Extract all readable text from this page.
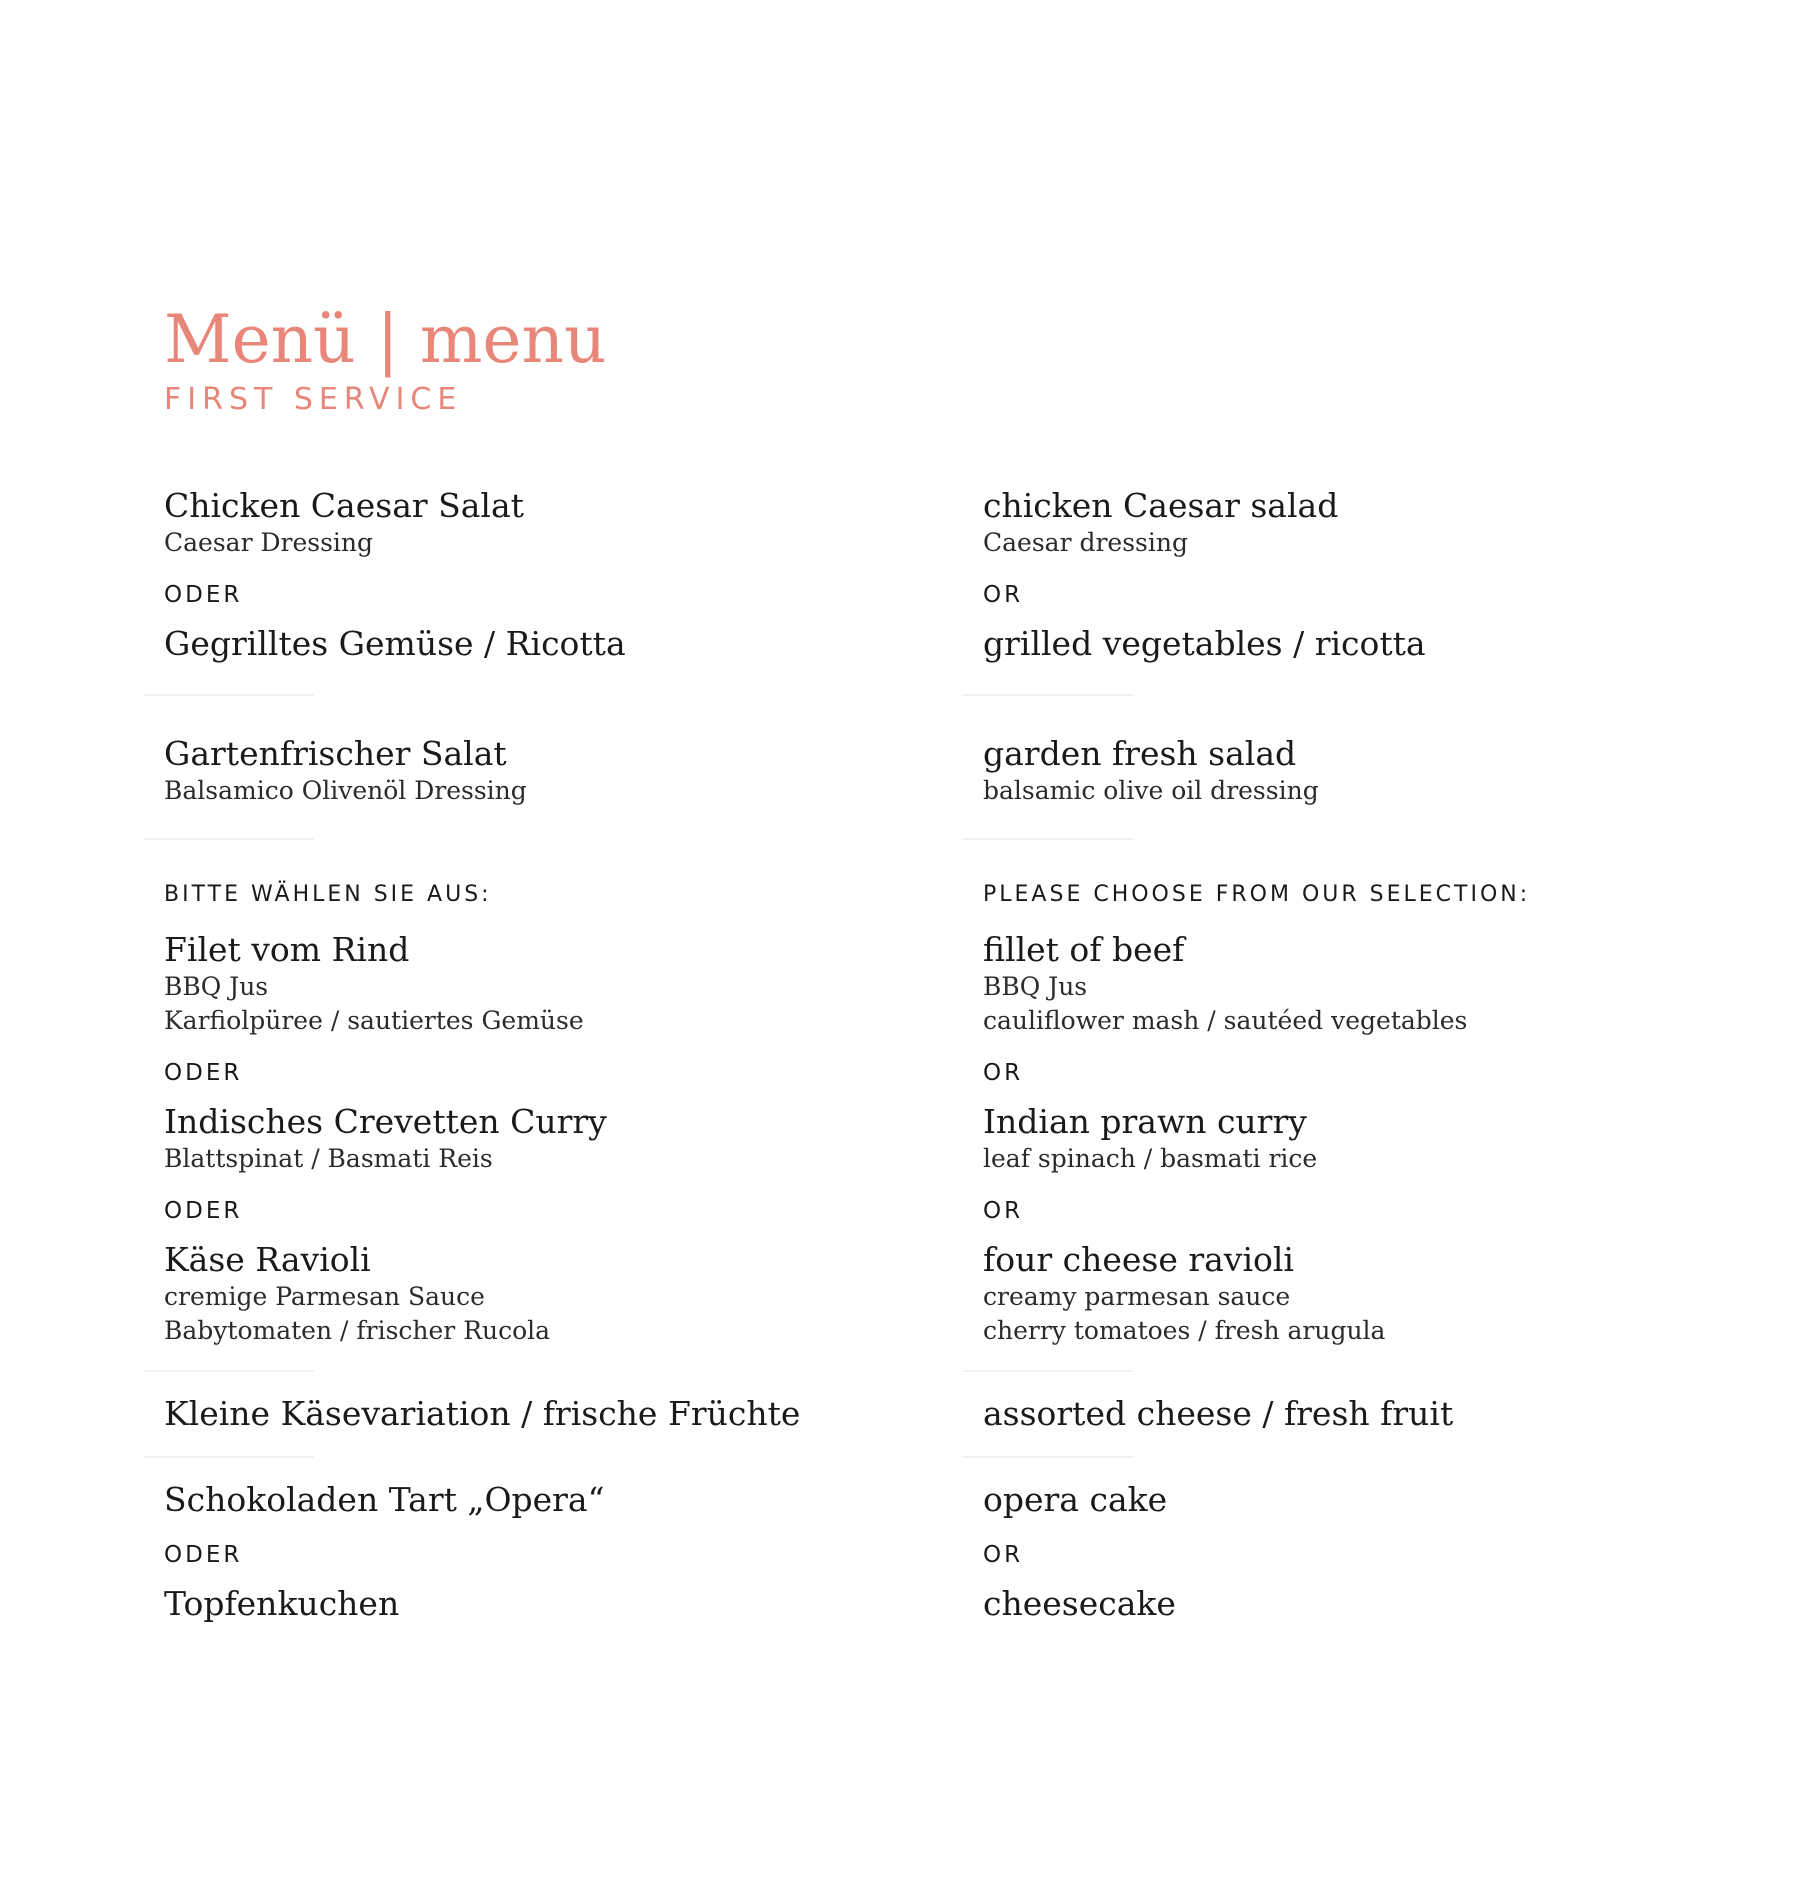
Menü | menu
FIRST SERVICE
Chicken Caesar Salat
Caesar Dressing
ODER
Gegrilltes Gemüse / Ricotta
Gartenfrischer Salat
Balsamico Olivenöl Dressing
BITTE WÄHLEN SIE AUS:
Filet vom Rind
BBQ Jus
Karfiolpüree / sautiertes Gemüse
ODER
Indisches Crevetten Curry
Blattspinat / Basmati Reis
ODER
Käse Ravioli
cremige Parmesan Sauce
Babytomaten / frischer Rucola
Kleine Käsevariation / frische Früchte
Schokoladen Tart „Opera“
ODER
Topfenkuchen
chicken Caesar salad
Caesar dressing
OR
grilled vegetables / ricotta
garden fresh salad
balsamic olive oil dressing
PLEASE CHOOSE FROM OUR SELECTION:
fillet of beef
BBQ Jus
cauliflower mash / sautéed vegetables
OR
Indian prawn curry
leaf spinach / basmati rice
OR
four cheese ravioli
creamy parmesan sauce
cherry tomatoes / fresh arugula
assorted cheese / fresh fruit
opera cake
OR
cheesecake
